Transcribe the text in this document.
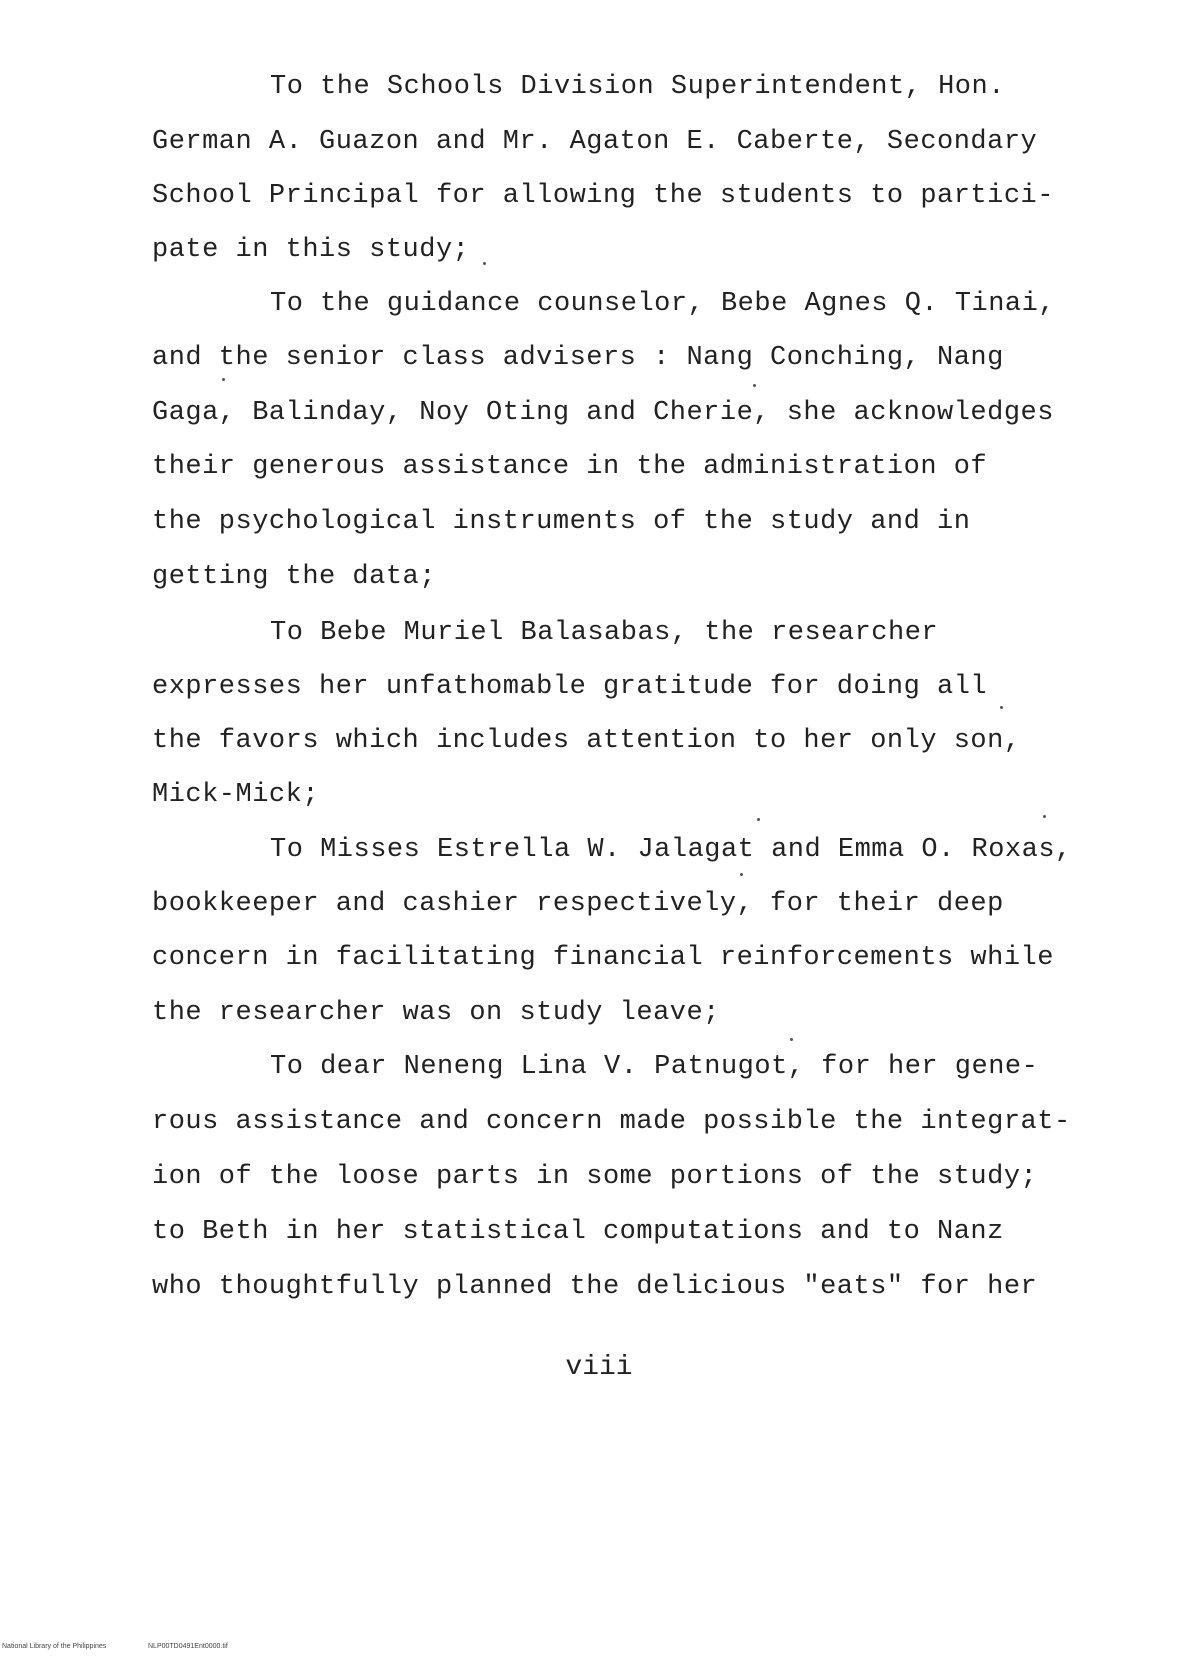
To the Schools Division Superintendent, Hon.
German A. Guazon and Mr. Agaton E. Caberte, Secondary
School Principal for allowing the students to partici-
pate in this study;
To the guidance counselor, Bebe Agnes Q. Tinai,
and the senior class advisers : Nang Conching, Nang
Gaga, Balinday, Noy Oting and Cherie, she acknowledges
their generous assistance in the administration of
the psychological instruments of the study and in
getting the data;
To Bebe Muriel Balasabas, the researcher
expresses her unfathomable gratitude for doing all
the favors which includes attention to her only son,
Mick-Mick;
To Misses Estrella W. Jalagat and Emma O. Roxas,
bookkeeper and cashier respectively, for their deep
concern in facilitating financial reinforcements while
the researcher was on study leave;
To dear Neneng Lina V. Patnugot, for her gene-
rous assistance and concern made possible the integrat-
ion of the loose parts in some portions of the study;
to Beth in her statistical computations and to Nanz
who thoughtfully planned the delicious "eats" for her
viii
National Library of the Philippines	NLP00TD0491Ent0000.tif
